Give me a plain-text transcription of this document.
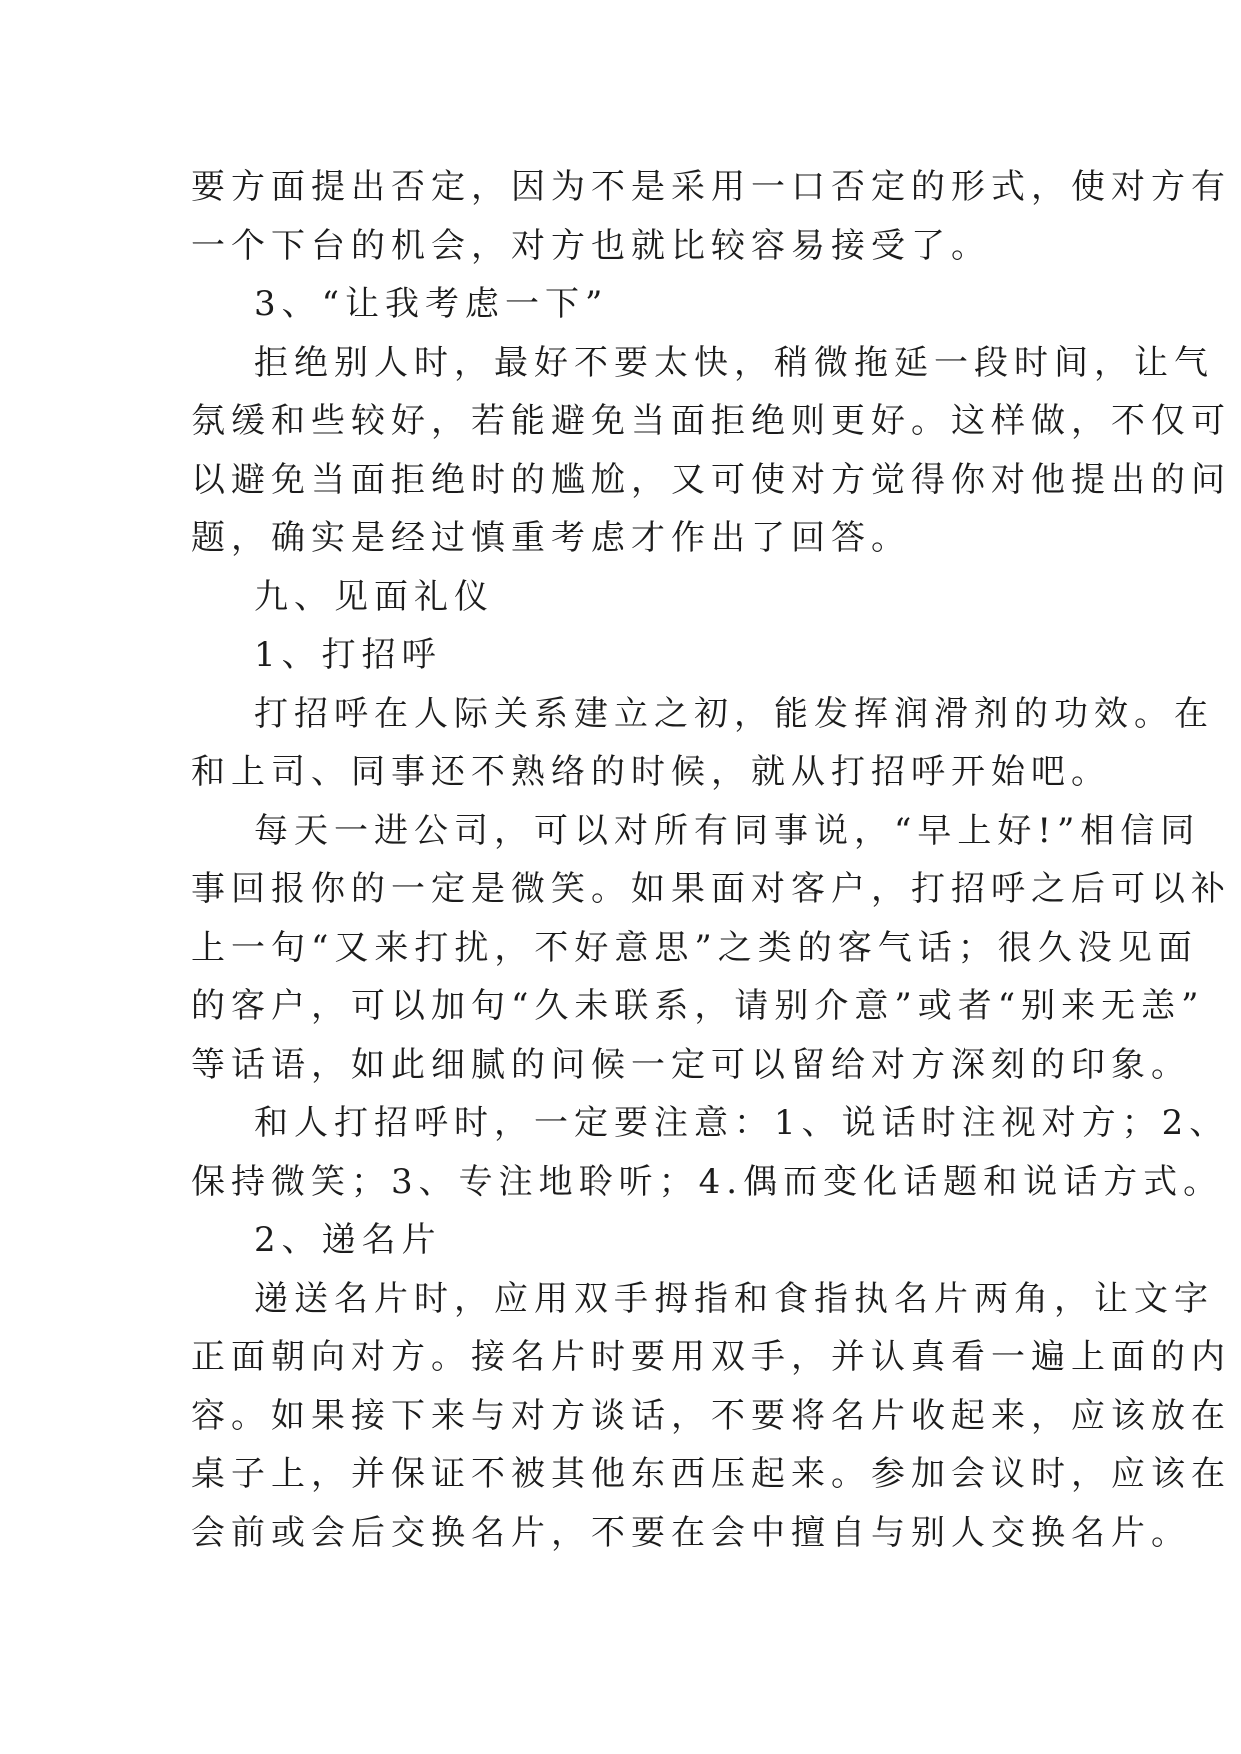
要方面提出否定，因为不是采用一口否定的形式，使对方有

一个下台的机会，对方也就比较容易接受了。

3、“让我考虑一下”

拒绝别人时，最好不要太快，稍微拖延一段时间，让气

氛缓和些较好，若能避免当面拒绝则更好。这样做，不仅可

以避免当面拒绝时的尴尬，又可使对方觉得你对他提出的问

题，确实是经过慎重考虑才作出了回答。

九、见面礼仪

1、打招呼

打招呼在人际关系建立之初，能发挥润滑剂的功效。在

和上司、同事还不熟络的时候，就从打招呼开始吧。

每天一进公司，可以对所有同事说，“早上好!”相信同

事回报你的一定是微笑。如果面对客户，打招呼之后可以补

上一句“又来打扰，不好意思”之类的客气话；很久没见面

的客户，可以加句“久未联系，请别介意”或者“别来无恙”

等话语，如此细腻的问候一定可以留给对方深刻的印象。

和人打招呼时，一定要注意：1、说话时注视对方；2、

保持微笑；3、专注地聆听；4.偶而变化话题和说话方式。

2、递名片

递送名片时，应用双手拇指和食指执名片两角，让文字

正面朝向对方。接名片时要用双手，并认真看一遍上面的内

容。如果接下来与对方谈话，不要将名片收起来，应该放在

桌子上，并保证不被其他东西压起来。参加会议时，应该在

会前或会后交换名片，不要在会中擅自与别人交换名片。
